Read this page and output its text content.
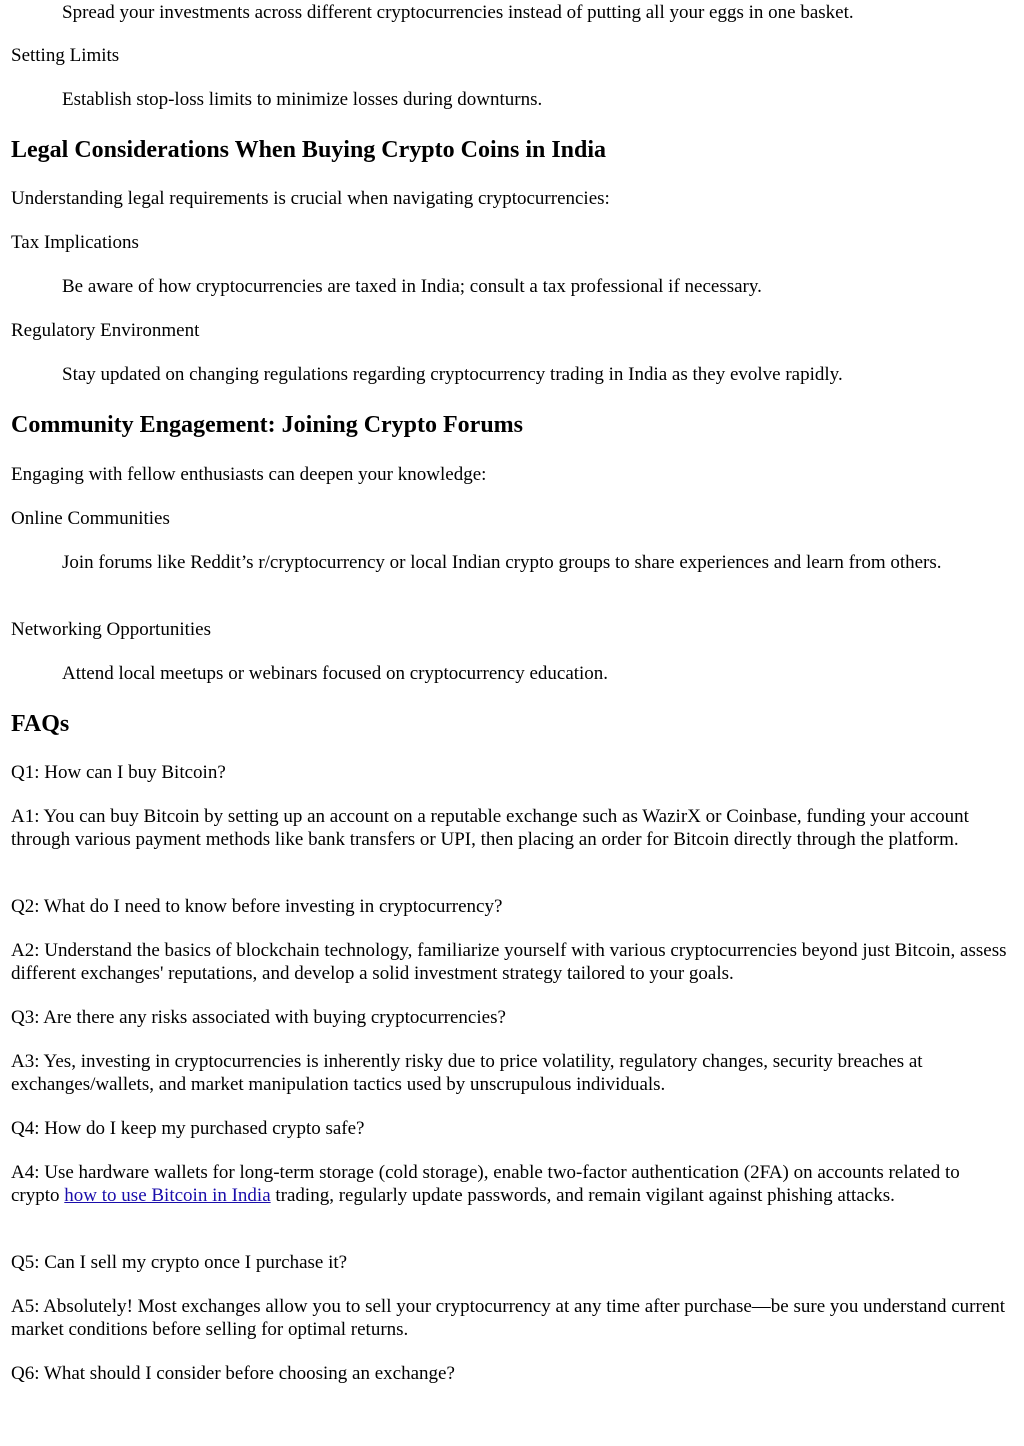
Spread your investments across different cryptocurrencies instead of putting all your eggs in one basket.

Setting Limits

Establish stop-loss limits to minimize losses during downturns.

Legal Considerations When Buying Crypto Coins in India

Understanding legal requirements is crucial when navigating cryptocurrencies:

Tax Implications

Be aware of how cryptocurrencies are taxed in India; consult a tax professional if necessary.

Regulatory Environment

Stay updated on changing regulations regarding cryptocurrency trading in India as they evolve rapidly.

Community Engagement: Joining Crypto Forums

Engaging with fellow enthusiasts can deepen your knowledge:

Online Communities

Join forums like Reddit’s r/cryptocurrency or local Indian crypto groups to share experiences and learn from others.

Networking Opportunities

Attend local meetups or webinars focused on cryptocurrency education.

FAQs

Q1: How can I buy Bitcoin?

A1: You can buy Bitcoin by setting up an account on a reputable exchange such as WazirX or Coinbase, funding your account through various payment methods like bank transfers or UPI, then placing an order for Bitcoin directly through the platform.

Q2: What do I need to know before investing in cryptocurrency?

A2: Understand the basics of blockchain technology, familiarize yourself with various cryptocurrencies beyond just Bitcoin, assess different exchanges' reputations, and develop a solid investment strategy tailored to your goals.

Q3: Are there any risks associated with buying cryptocurrencies?

A3: Yes, investing in cryptocurrencies is inherently risky due to price volatility, regulatory changes, security breaches at exchanges/wallets, and market manipulation tactics used by unscrupulous individuals.

Q4: How do I keep my purchased crypto safe?

A4: Use hardware wallets for long-term storage (cold storage), enable two-factor authentication (2FA) on accounts related to crypto how to use Bitcoin in India trading, regularly update passwords, and remain vigilant against phishing attacks.

Q5: Can I sell my crypto once I purchase it?

A5: Absolutely! Most exchanges allow you to sell your cryptocurrency at any time after purchase—be sure you understand current market conditions before selling for optimal returns.

Q6: What should I consider before choosing an exchange?
